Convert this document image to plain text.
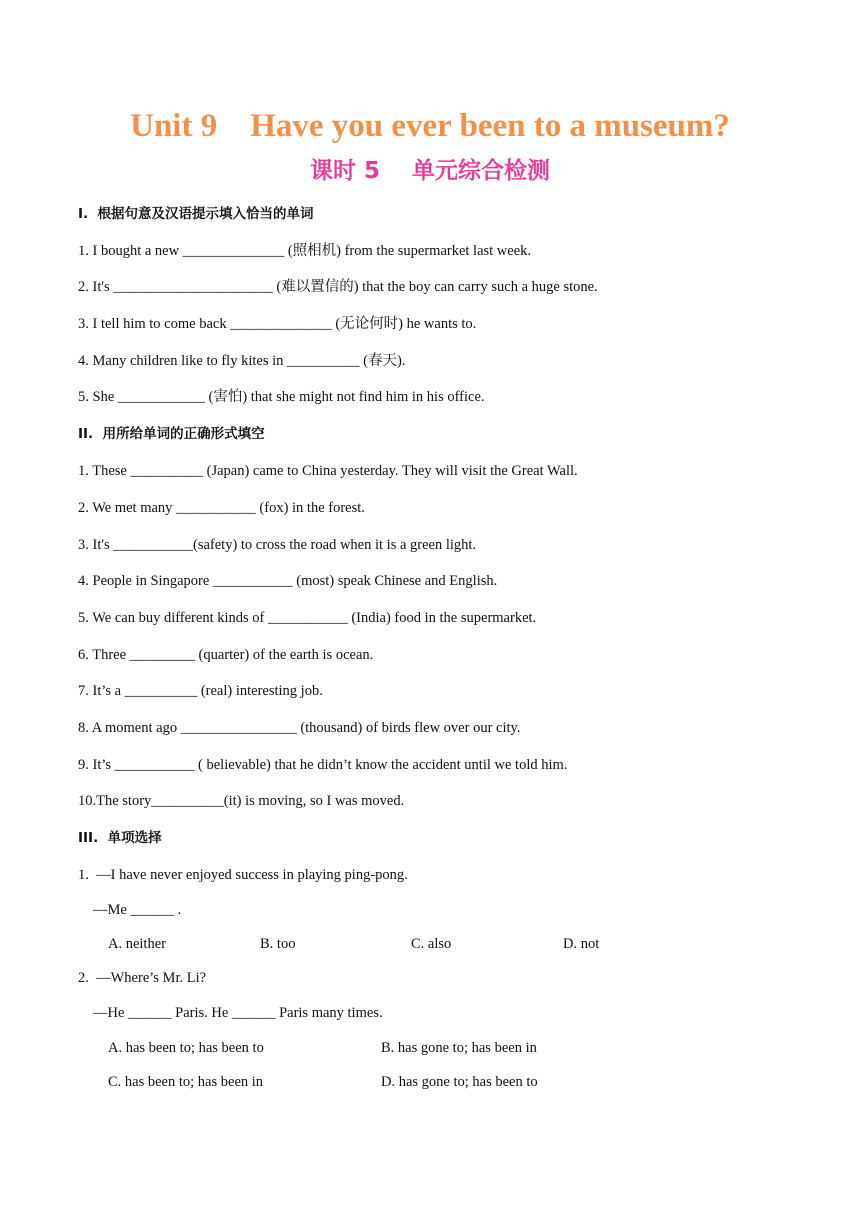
Unit 9    Have you ever been to a museum?
课时 5    单元综合检测
I.  根据句意及汉语提示填入恰当的单词
1. I bought a new ______________ (照相机) from the supermarket last week.
2. It's ______________________ (难以置信的) that the boy can carry such a huge stone.
3. I tell him to come back ______________ (无论何时) he wants to.
4. Many children like to fly kites in __________ (春天).
5. She ____________ (害怕) that she might not find him in his office.
II.  用所给单词的正确形式填空
1. These __________ (Japan) came to China yesterday. They will visit the Great Wall.
2. We met many ___________ (fox) in the forest.
3. It's ___________(safety) to cross the road when it is a green light.
4. People in Singapore ___________ (most) speak Chinese and English.
5. We can buy different kinds of ___________ (India) food in the supermarket.
6. Three _________ (quarter) of the earth is ocean.
7. It’s a __________ (real) interesting job.
8. A moment ago ________________ (thousand) of birds flew over our city.
9. It’s ___________ ( believable) that he didn’t know the accident until we told him.
10.The story__________(it) is moving, so I was moved.
III.  单项选择
1.  —I have never enjoyed success in playing ping-pong.
—Me ______ .
A. neither	B. too	C. also	D. not
2.  —Where’s Mr. Li?
—He ______ Paris. He ______ Paris many times.
A. has been to; has been to	B. has gone to; has been in
C. has been to; has been in	D. has gone to; has been to
